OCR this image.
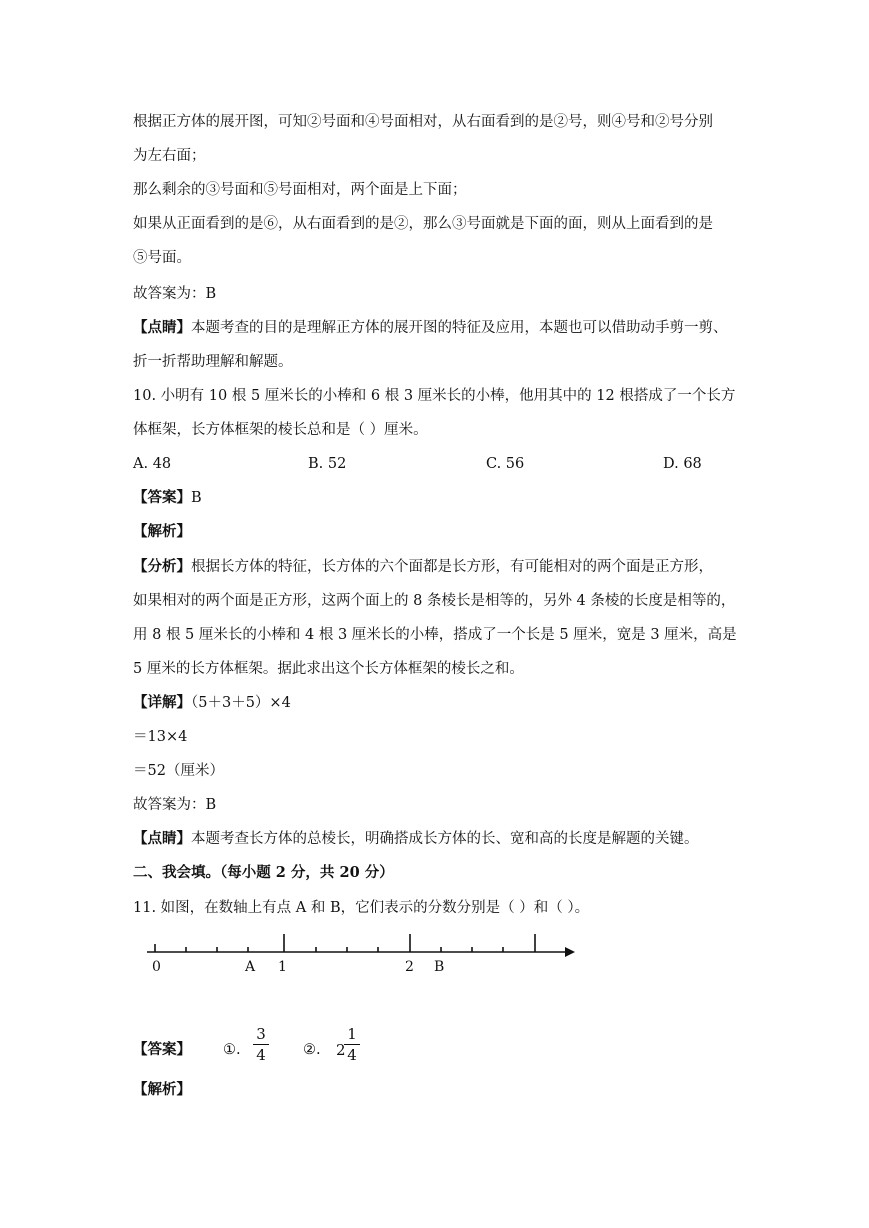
根据正方体的展开图，可知②号面和④号面相对，从右面看到的是②号，则④号和②号分别
为左右面；
那么剩余的③号面和⑤号面相对，两个面是上下面；
如果从正面看到的是⑥，从右面看到的是②，那么③号面就是下面的面，则从上面看到的是
⑤号面。
故答案为：B
【点睛】本题考查的目的是理解正方体的展开图的特征及应用，本题也可以借助动手剪一剪、
折一折帮助理解和解题。
10. 小明有 10 根 5 厘米长的小棒和 6 根 3 厘米长的小棒，他用其中的 12 根搭成了一个长方
体框架，长方体框架的棱长总和是（ ）厘米。
A. 48	B. 52	C. 56	D. 68
【答案】B
【解析】
【分析】根据长方体的特征，长方体的六个面都是长方形，有可能相对的两个面是正方形，
如果相对的两个面是正方形，这两个面上的 8 条棱长是相等的，另外 4 条棱的长度是相等的，
用 8 根 5 厘米长的小棒和 4 根 3 厘米长的小棒，搭成了一个长是 5 厘米，宽是 3 厘米，高是
5 厘米的长方体框架。据此求出这个长方体框架的棱长之和。
【详解】（5＋3＋5）×4
＝13×4
＝52（厘米）
故答案为：B
【点睛】本题考查长方体的总棱长，明确搭成长方体的长、宽和高的长度是解题的关键。
二、我会填。（每小题 2 分，共 20 分）
11. 如图，在数轴上有点 A 和 B，它们表示的分数分别是（ ）和（ ）。
0	A 1	2 B
【答案】 ①.
3
4	②. 2
1
4
【解析】
